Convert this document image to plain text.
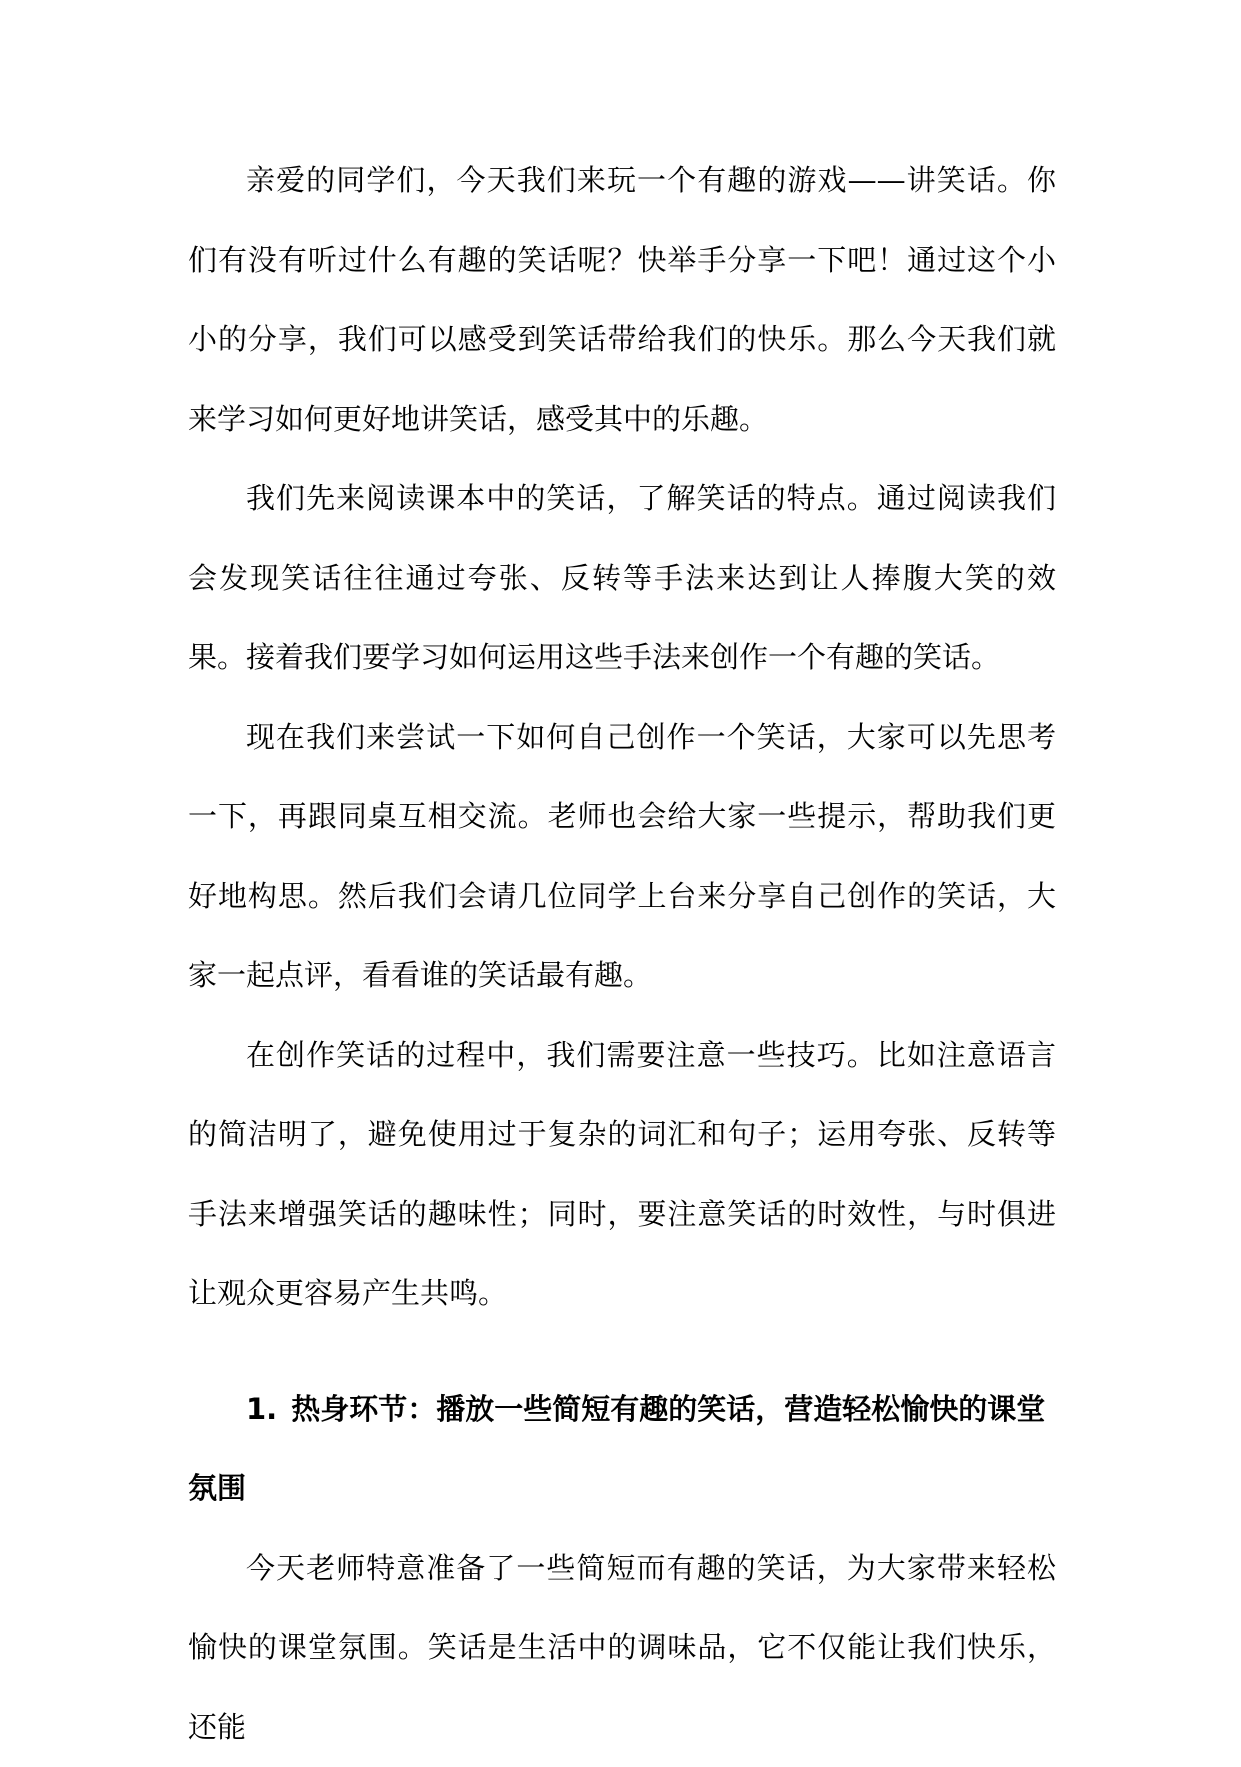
亲爱的同学们，今天我们来玩一个有趣的游戏——讲笑话。你们有没有听过什么有趣的笑话呢？快举手分享一下吧！通过这个小小的分享，我们可以感受到笑话带给我们的快乐。那么今天我们就来学习如何更好地讲笑话，感受其中的乐趣。

我们先来阅读课本中的笑话，了解笑话的特点。通过阅读我们会发现笑话往往通过夸张、反转等手法来达到让人捧腹大笑的效果。接着我们要学习如何运用这些手法来创作一个有趣的笑话。

现在我们来尝试一下如何自己创作一个笑话，大家可以先思考一下，再跟同桌互相交流。老师也会给大家一些提示，帮助我们更好地构思。然后我们会请几位同学上台来分享自己创作的笑话，大家一起点评，看看谁的笑话最有趣。

在创作笑话的过程中，我们需要注意一些技巧。比如注意语言的简洁明了，避免使用过于复杂的词汇和句子；运用夸张、反转等手法来增强笑话的趣味性；同时，要注意笑话的时效性，与时俱进让观众更容易产生共鸣。

1. 热身环节：播放一些简短有趣的笑话，营造轻松愉快的课堂氛围

今天老师特意准备了一些简短而有趣的笑话，为大家带来轻松愉快的课堂氛围。笑话是生活中的调味品，它不仅能让我们快乐，还能
